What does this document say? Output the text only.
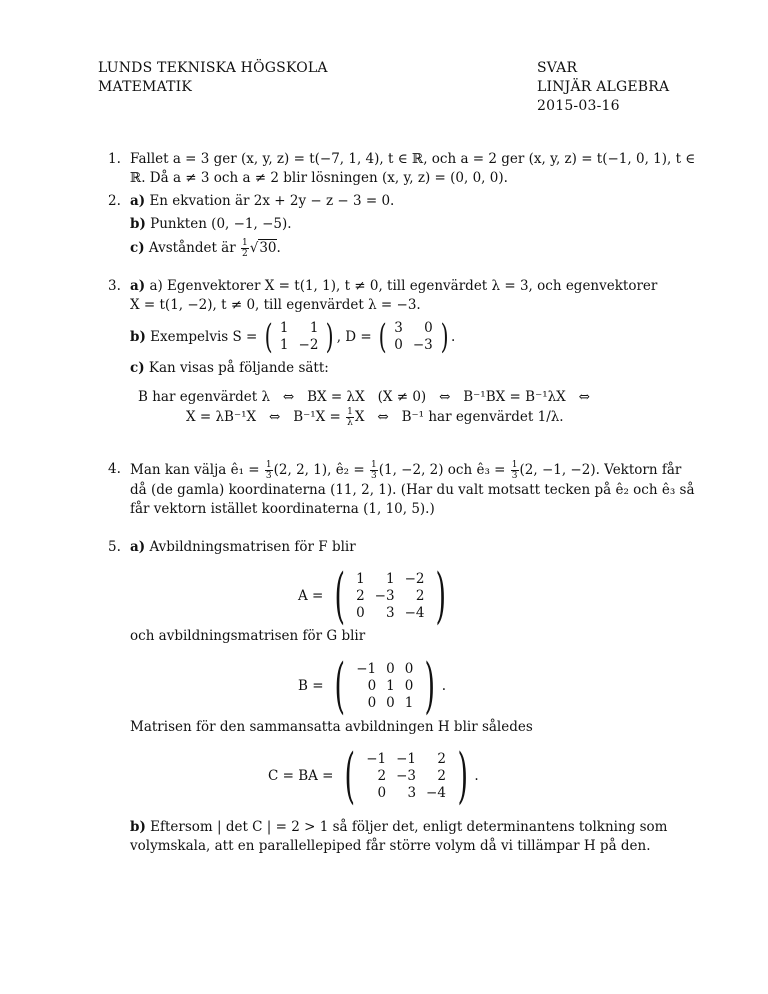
LUNDS TEKNISKA HÖGSKOLA
MATEMATIK
SVAR
LINJÄR ALGEBRA
2015-03-16
1. Fallet a = 3 ger (x, y, z) = t(−7, 1, 4), t ∈ ℝ, och a = 2 ger (x, y, z) = t(−1, 0, 1), t ∈
ℝ. Då a ≠ 3 och a ≠ 2 blir lösningen (x, y, z) = (0, 0, 0).
2. a) En ekvation är 2x + 2y − z − 3 = 0.
b) Punkten (0, −1, −5).
c) Avståndet är $\frac{1}{2} √30$.
3. a) a) Egenvektorer X = t(1, 1), t ≠ 0, till egenvärdet λ = 3, och egenvektorer
X = t(1, −2), t ≠ 0, till egenvärdet λ = −3.
b)
Exempelvis S =
( 1	1
1	−2 ) , D =
( 3	0
0	−3 ) .
c) Kan visas på följande sätt:
B har egenvärdet λ   ⇔   BX = λX   (X ≠ 0)   ⇔   B⁻¹BX = B⁻¹λX   ⇔
X = λB⁻¹X   ⇔   $B^{-1}X = \frac{1}{\lambda}$ X   ⇔   B⁻¹ har egenvärdet 1/λ.
4. Man kan välja ê₁ = $\frac{1}{3} (2$, 2, 1), ê₂ = $\frac{1}{3} (1$, −2, 2) och ê₃ = $\frac{1}{3} (2$, −1, −2). Vektorn får
då (de gamla) koordinaterna (11, 2, 1). (Har du valt motsatt tecken på ê₂ och ê₃ så
får vektorn istället koordinaterna (1, 10, 5).)
5. a) Avbildningsmatrisen för F blir
A =
( 1	1	−2
2	−3	2
0	3	−4 )
och avbildningsmatrisen för G blir
B =
( −1	0	0
0	1	0
0	0	1 ) .
Matrisen för den sammansatta avbildningen H blir således
C = BA =
( −1	−1	2
2	−3	2
0	3	−4 ) .
b) Eftersom | det C | = 2 > 1 så följer det, enligt determinantens tolkning som
volymskala, att en parallellepiped får större volym då vi tillämpar H på den.
